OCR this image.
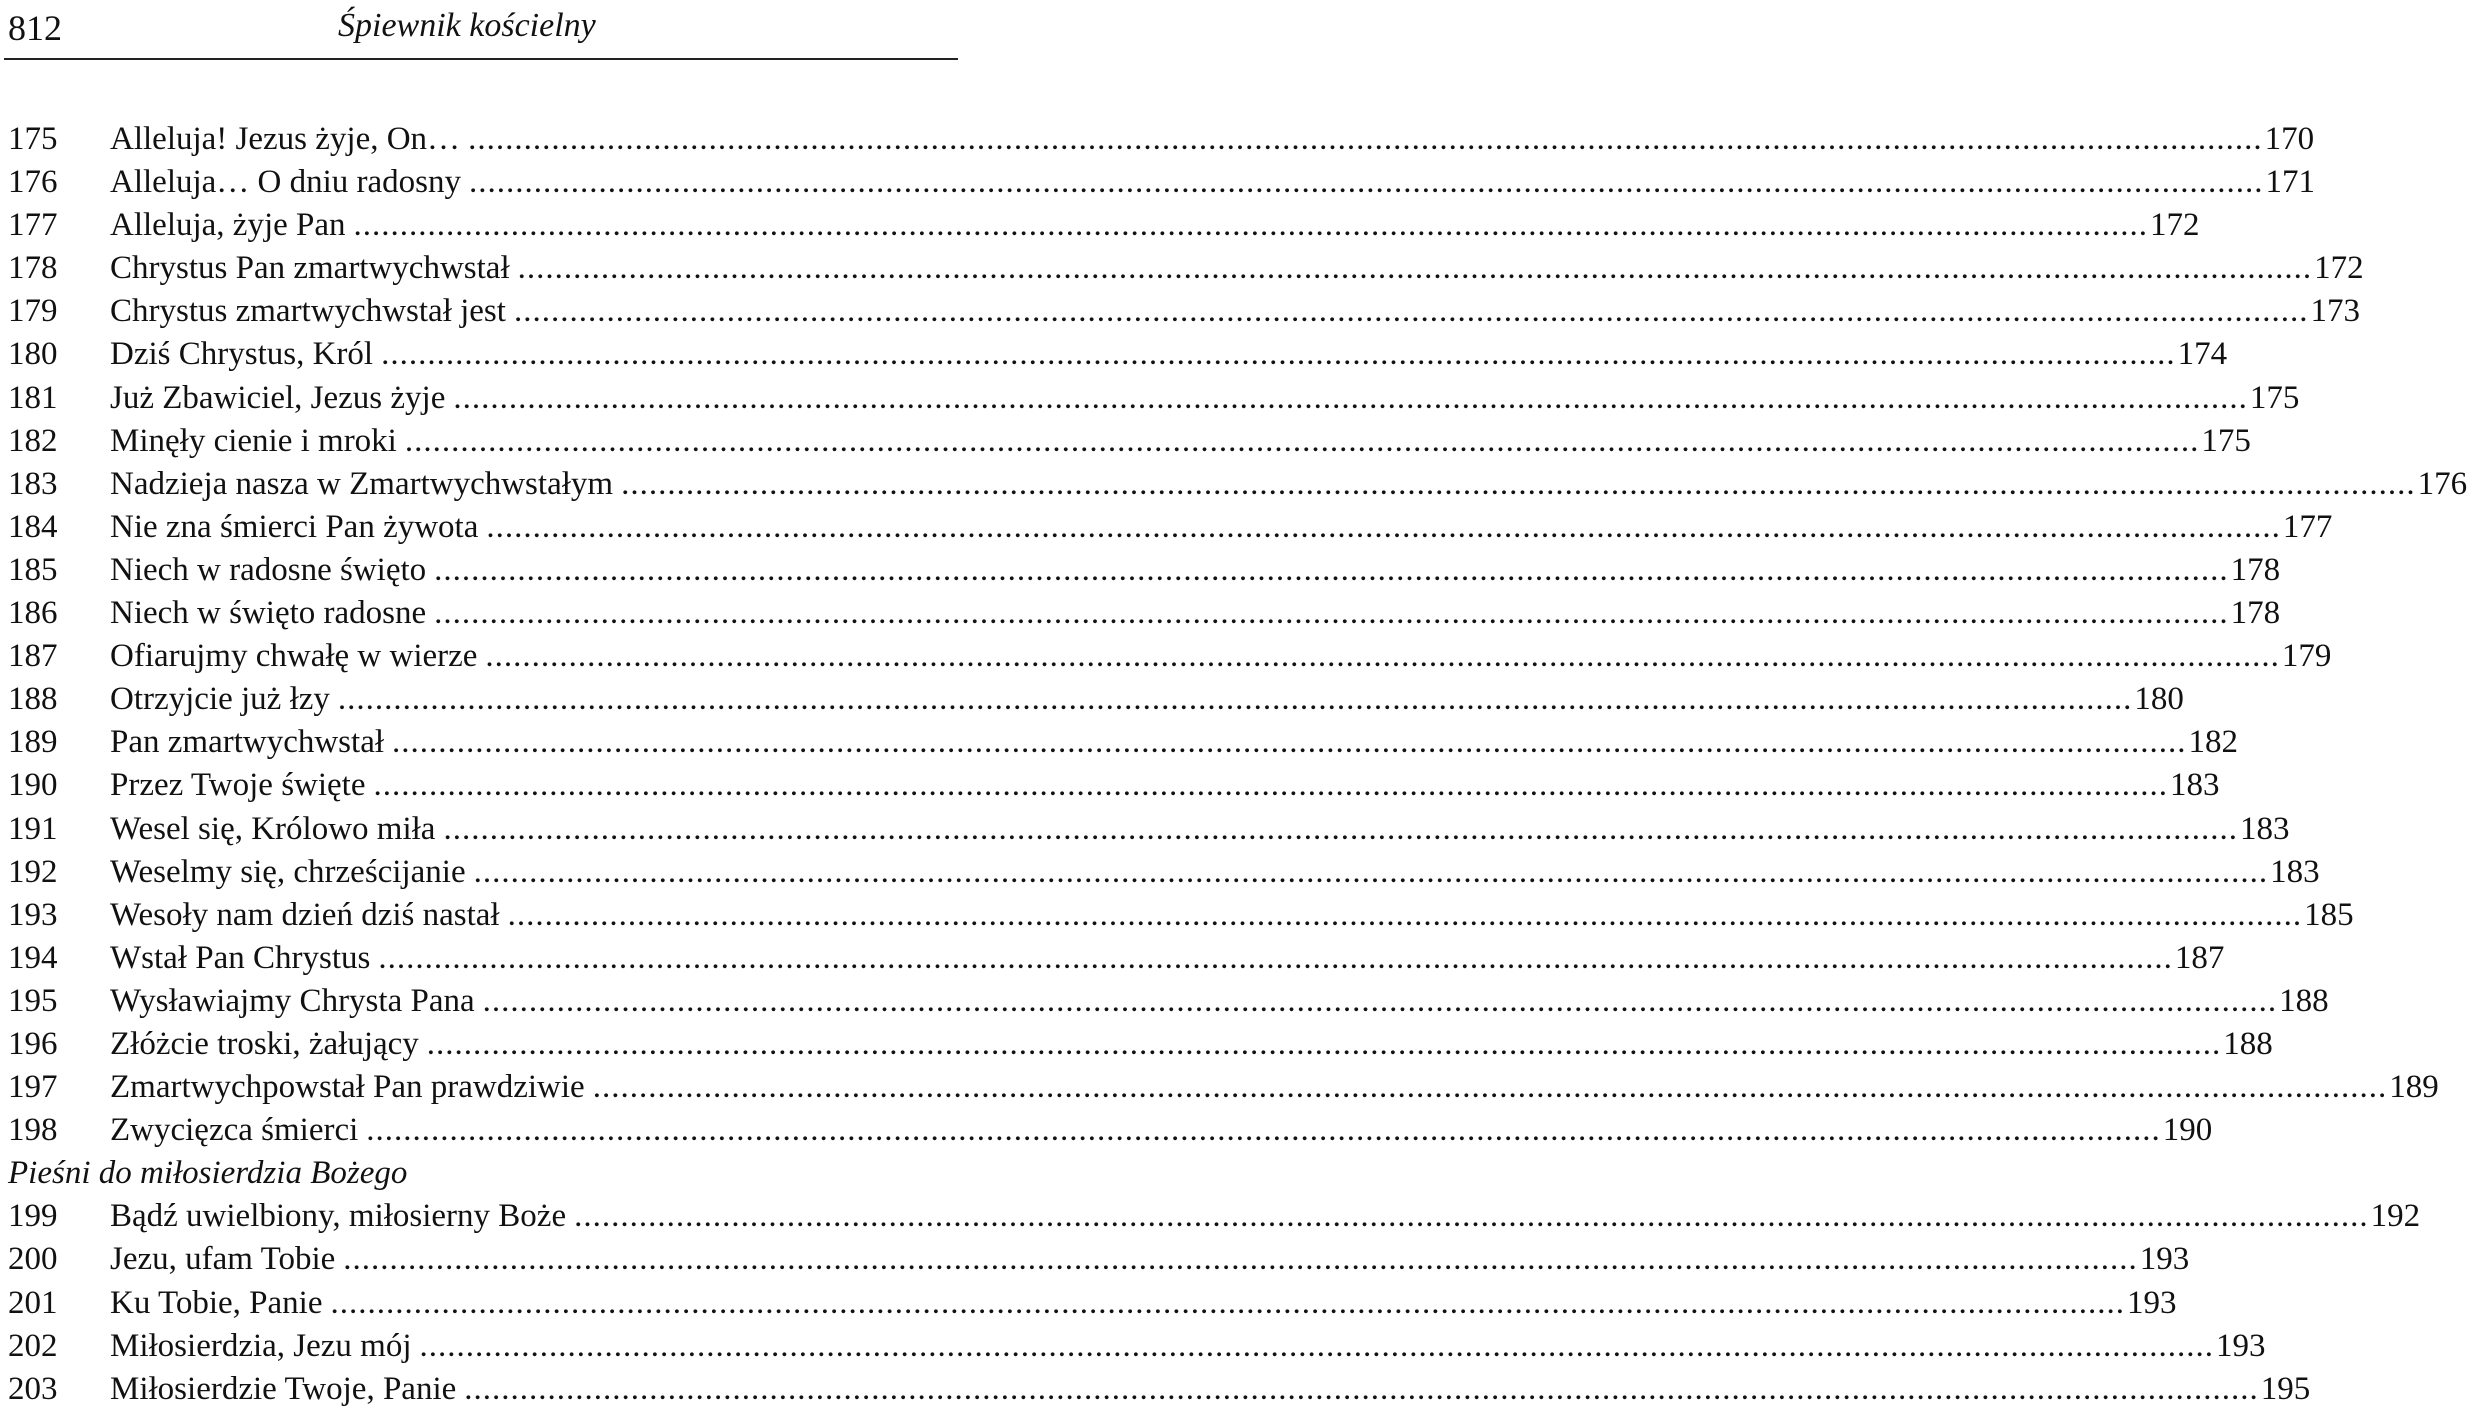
812	Śpiewnik kościelny
175	Alleluja! Jezus żyje, On… .....	170
176	Alleluja… O dniu radosny .....	171
177	Alleluja, żyje Pan .....	172
178	Chrystus Pan zmartwychwstał .....	172
179	Chrystus zmartwychwstał jest .....	173
180	Dziś Chrystus, Król .....	174
181	Już Zbawiciel, Jezus żyje .....	175
182	Minęły cienie i mroki .....	175
183	Nadzieja nasza w Zmartwychwstałym .....	176
184	Nie zna śmierci Pan żywota .....	177
185	Niech w radosne święto .....	178
186	Niech w święto radosne .....	178
187	Ofiarujmy chwałę w wierze .....	179
188	Otrzyjcie już łzy .....	180
189	Pan zmartwychwstał .....	182
190	Przez Twoje święte .....	183
191	Wesel się, Królowo miła .....	183
192	Weselmy się, chrześcijanie .....	183
193	Wesoły nam dzień dziś nastał .....	185
194	Wstał Pan Chrystus .....	187
195	Wysławiajmy Chrysta Pana .....	188
196	Złóżcie troski, żałujący .....	188
197	Zmartwychpowstał Pan prawdziwie .....	189
198	Zwycięzca śmierci .....	190
Pieśni do miłosierdzia Bożego
199	Bądź uwielbiony, miłosierny Boże .....	192
200	Jezu, ufam Tobie .....	193
201	Ku Tobie, Panie .....	193
202	Miłosierdzia, Jezu mój .....	193
203	Miłosierdzie Twoje, Panie .....	195
